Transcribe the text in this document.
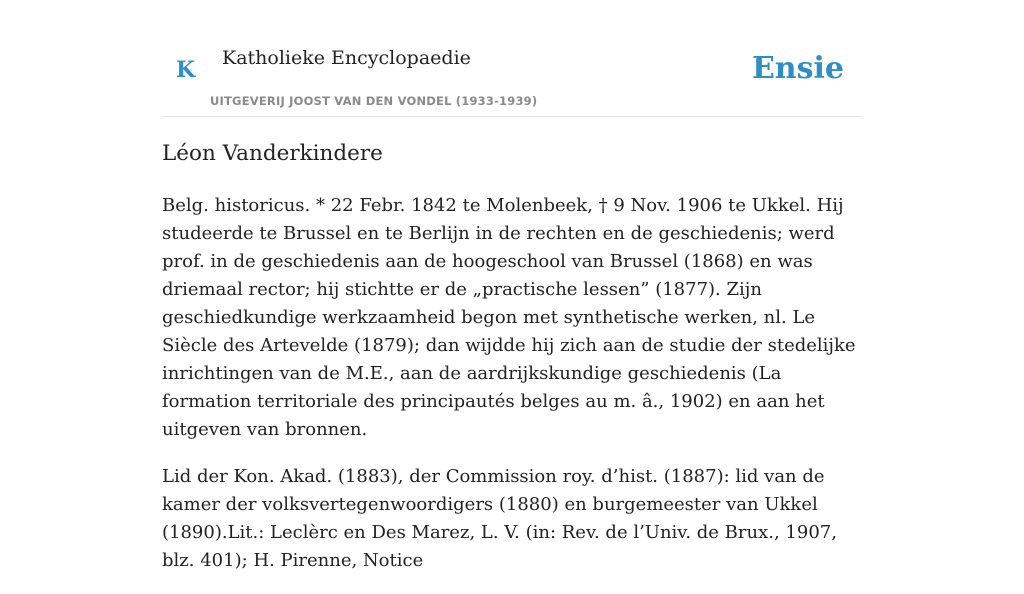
K Katholieke Encyclopaedie
UITGEVERIJ JOOST VAN DEN VONDEL (1933-1939)
Ensie
Léon Vanderkindere

Belg. historicus. * 22 Febr. 1842 te Molenbeek, † 9 Nov. 1906 te Ukkel. Hij studeerde te Brussel en te Berlijn in de rechten en de geschiedenis; werd prof. in de geschiedenis aan de hoogeschool van Brussel (1868) en was driemaal rector; hij stichtte er de „practische lessen” (1877). Zijn geschiedkundige werkzaamheid begon met synthetische werken, nl. Le Siècle des Artevelde (1879); dan wijdde hij zich aan de studie der stedelijke inrichtingen van de M.E., aan de aardrijkskundige geschiedenis (La formation territoriale des principautés belges au m. â., 1902) en aan het uitgeven van bronnen.

Lid der Kon. Akad. (1883), der Commission roy. d’hist. (1887): lid van de kamer der volksvertegenwoordigers (1880) en burgemeester van Ukkel (1890).Lit.: Leclèrc en Des Marez, L. V. (in: Rev. de l’Univ. de Brux., 1907, blz. 401); H. Pirenne, Notice
